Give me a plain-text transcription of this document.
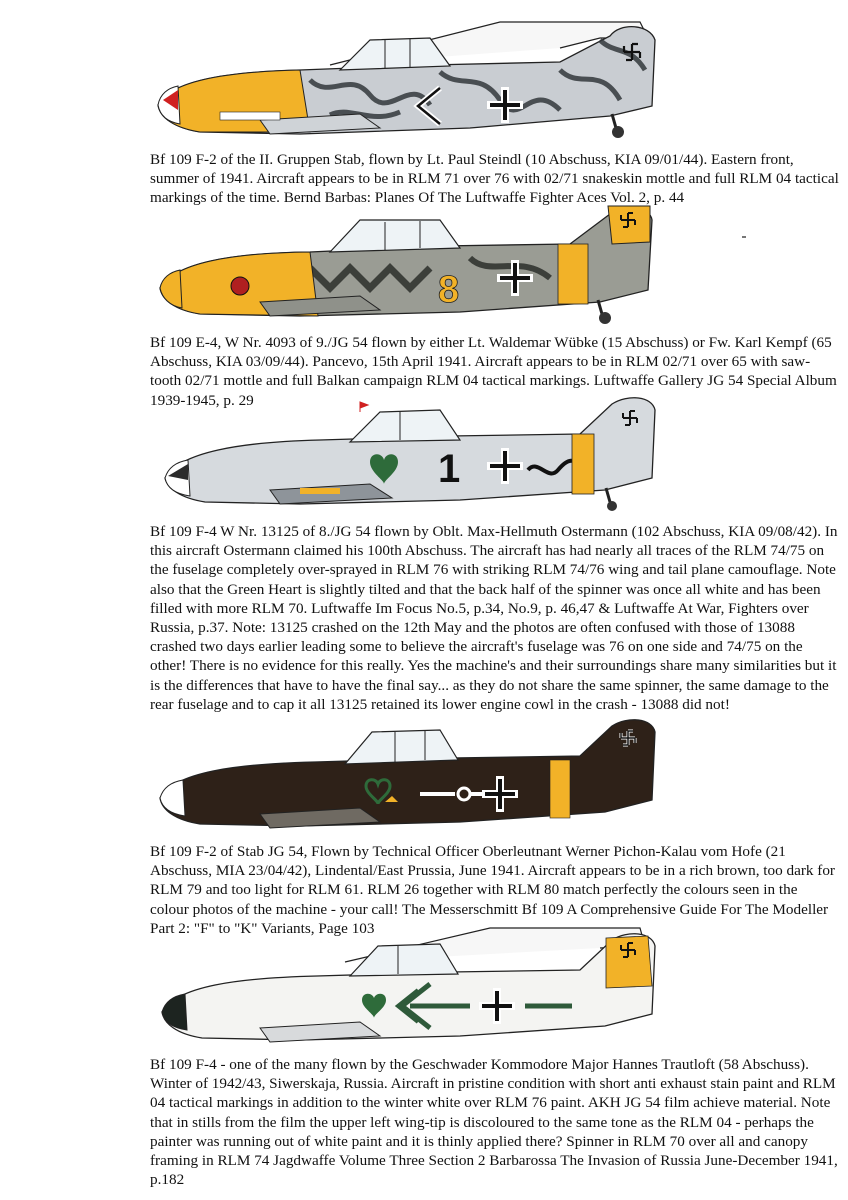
Bf 109 F-2 of the II. Gruppen Stab, flown by Lt. Paul Steindl (10 Abschuss, KIA 09/01/44). Eastern front, summer of 1941. Aircraft appears to be in RLM 71 over 76 with 02/71 snakeskin mottle and full RLM 04 tactical markings of the time. Bernd Barbas: Planes Of The Luftwaffe Fighter Aces Vol. 2, p. 44

8

Bf 109 E-4, W Nr. 4093 of 9./JG 54 flown by either Lt. Waldemar Wübke (15 Abschuss) or Fw. Karl Kempf (65 Abschuss, KIA 03/09/44). Pancevo, 15th April 1941. Aircraft appears to be in RLM 02/71 over 65 with saw-tooth 02/71 mottle and full Balkan campaign RLM 04 tactical markings. Luftwaffe Gallery JG 54 Special Album 1939-1945, p. 29

1

Bf 109 F-4 W Nr. 13125 of 8./JG 54 flown by Oblt. Max-Hellmuth Ostermann (102 Abschuss, KIA 09/08/42). In this aircraft Ostermann claimed his 100th Abschuss. The aircraft has had nearly all traces of the RLM 74/75 on the fuselage completely over-sprayed in RLM 76 with striking RLM 74/76 wing and tail plane camouflage. Note also that the Green Heart is slightly tilted and that the back half of the spinner was once all white and has been filled with more RLM 70. Luftwaffe Im Focus No.5, p.34, No.9, p. 46,47 & Luftwaffe At War, Fighters over Russia, p.37. Note: 13125 crashed on the 12th May and the photos are often confused with those of 13088 crashed two days earlier leading some to believe the aircraft's fuselage was 76 on one side and 74/75 on the other! There is no evidence for this really. Yes the machine's and their surroundings share many similarities but it is the differences that have to have the final say... as they do not share the same spinner, the same damage to the rear fuselage and to cap it all 13125 retained its lower engine cowl in the crash - 13088 did not!

Bf 109 F-2 of Stab JG 54, Flown by Technical Officer Oberleutnant Werner Pichon-Kalau vom Hofe (21 Abschuss, MIA 23/04/42), Lindental/East Prussia, June 1941. Aircraft appears to be in a rich brown, too dark for RLM 79 and too light for RLM 61. RLM 26 together with RLM 80 match perfectly the colours seen in the colour photos of the machine - your call! The Messerschmitt Bf 109 A Comprehensive Guide For The Modeller Part 2: "F" to "K" Variants, Page 103

Bf 109 F-4 - one of the many flown by the Geschwader Kommodore Major Hannes Trautloft (58 Abschuss). Winter of 1942/43, Siwerskaja, Russia. Aircraft in pristine condition with short anti exhaust stain paint and RLM 04 tactical markings in addition to the winter white over RLM 76 paint. AKH JG 54 film achieve material. Note that in stills from the film the upper left wing-tip is discoloured to the same tone as the RLM 04 - perhaps the painter was running out of white paint and it is thinly applied there? Spinner in RLM 70 over all and canopy framing in RLM 74 Jagdwaffe Volume Three Section 2 Barbarossa The Invasion of Russia June-December 1941, p.182
